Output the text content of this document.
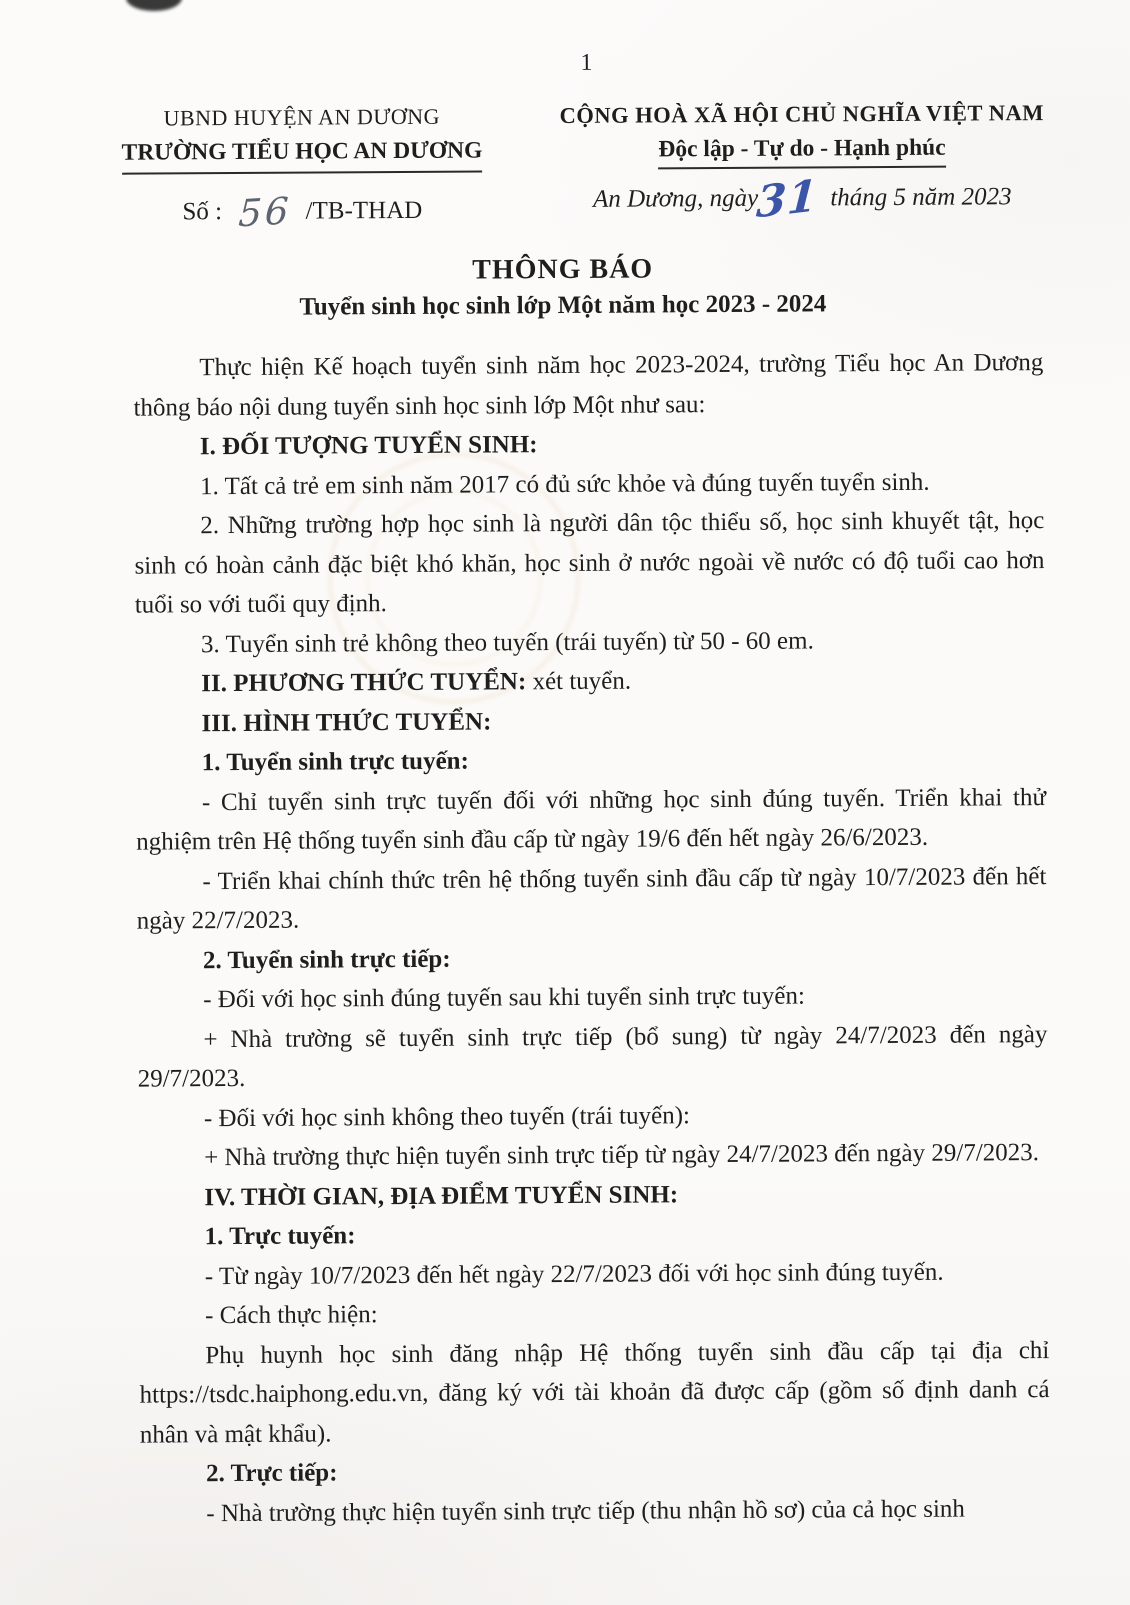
1
UBND HUYỆN AN DƯƠNG
TRƯỜNG TIỂU HỌC AN DƯƠNG
Số : 56 /TB-THAD
CỘNG HOÀ XÃ HỘI CHỦ NGHĨA VIỆT NAM
Độc lập - Tự do - Hạnh phúc
An Dương, ngày31 tháng 5 năm 2023
THÔNG BÁO
Tuyển sinh học sinh lớp Một năm học 2023 - 2024
Thực hiện Kế hoạch tuyển sinh năm học 2023-2024, trường Tiểu học An Dương thông báo nội dung tuyển sinh học sinh lớp Một như sau:
I. ĐỐI TƯỢNG TUYỂN SINH:
1. Tất cả trẻ em sinh năm 2017 có đủ sức khỏe và đúng tuyến tuyển sinh.
2. Những trường hợp học sinh là người dân tộc thiểu số, học sinh khuyết tật, học sinh có hoàn cảnh đặc biệt khó khăn, học sinh ở nước ngoài về nước có độ tuổi cao hơn tuổi so với tuổi quy định.
3. Tuyển sinh trẻ không theo tuyến (trái tuyến) từ 50 - 60 em.
II. PHƯƠNG THỨC TUYỂN: xét tuyển.
III. HÌNH THỨC TUYỂN:
1. Tuyển sinh trực tuyến:
- Chỉ tuyển sinh trực tuyến đối với những học sinh đúng tuyến. Triển khai thử nghiệm trên Hệ thống tuyển sinh đầu cấp từ ngày 19/6 đến hết ngày 26/6/2023.
- Triển khai chính thức trên hệ thống tuyển sinh đầu cấp từ ngày 10/7/2023 đến hết ngày 22/7/2023.
2. Tuyển sinh trực tiếp:
- Đối với học sinh đúng tuyến sau khi tuyển sinh trực tuyến:
+ Nhà trường sẽ tuyển sinh trực tiếp (bổ sung) từ ngày 24/7/2023 đến ngày 29/7/2023.
- Đối với học sinh không theo tuyến (trái tuyến):
+ Nhà trường thực hiện tuyển sinh trực tiếp từ ngày 24/7/2023 đến ngày 29/7/2023.
IV. THỜI GIAN, ĐỊA ĐIỂM TUYỂN SINH:
1. Trực tuyến:
- Từ ngày 10/7/2023 đến hết ngày 22/7/2023 đối với học sinh đúng tuyến.
- Cách thực hiện:
Phụ huynh học sinh đăng nhập Hệ thống tuyển sinh đầu cấp tại địa chỉ https://tsdc.haiphong.edu.vn, đăng ký với tài khoản đã được cấp (gồm số định danh cá nhân và mật khẩu).
2. Trực tiếp:
- Nhà trường thực hiện tuyển sinh trực tiếp (thu nhận hồ sơ) của cả học sinh
